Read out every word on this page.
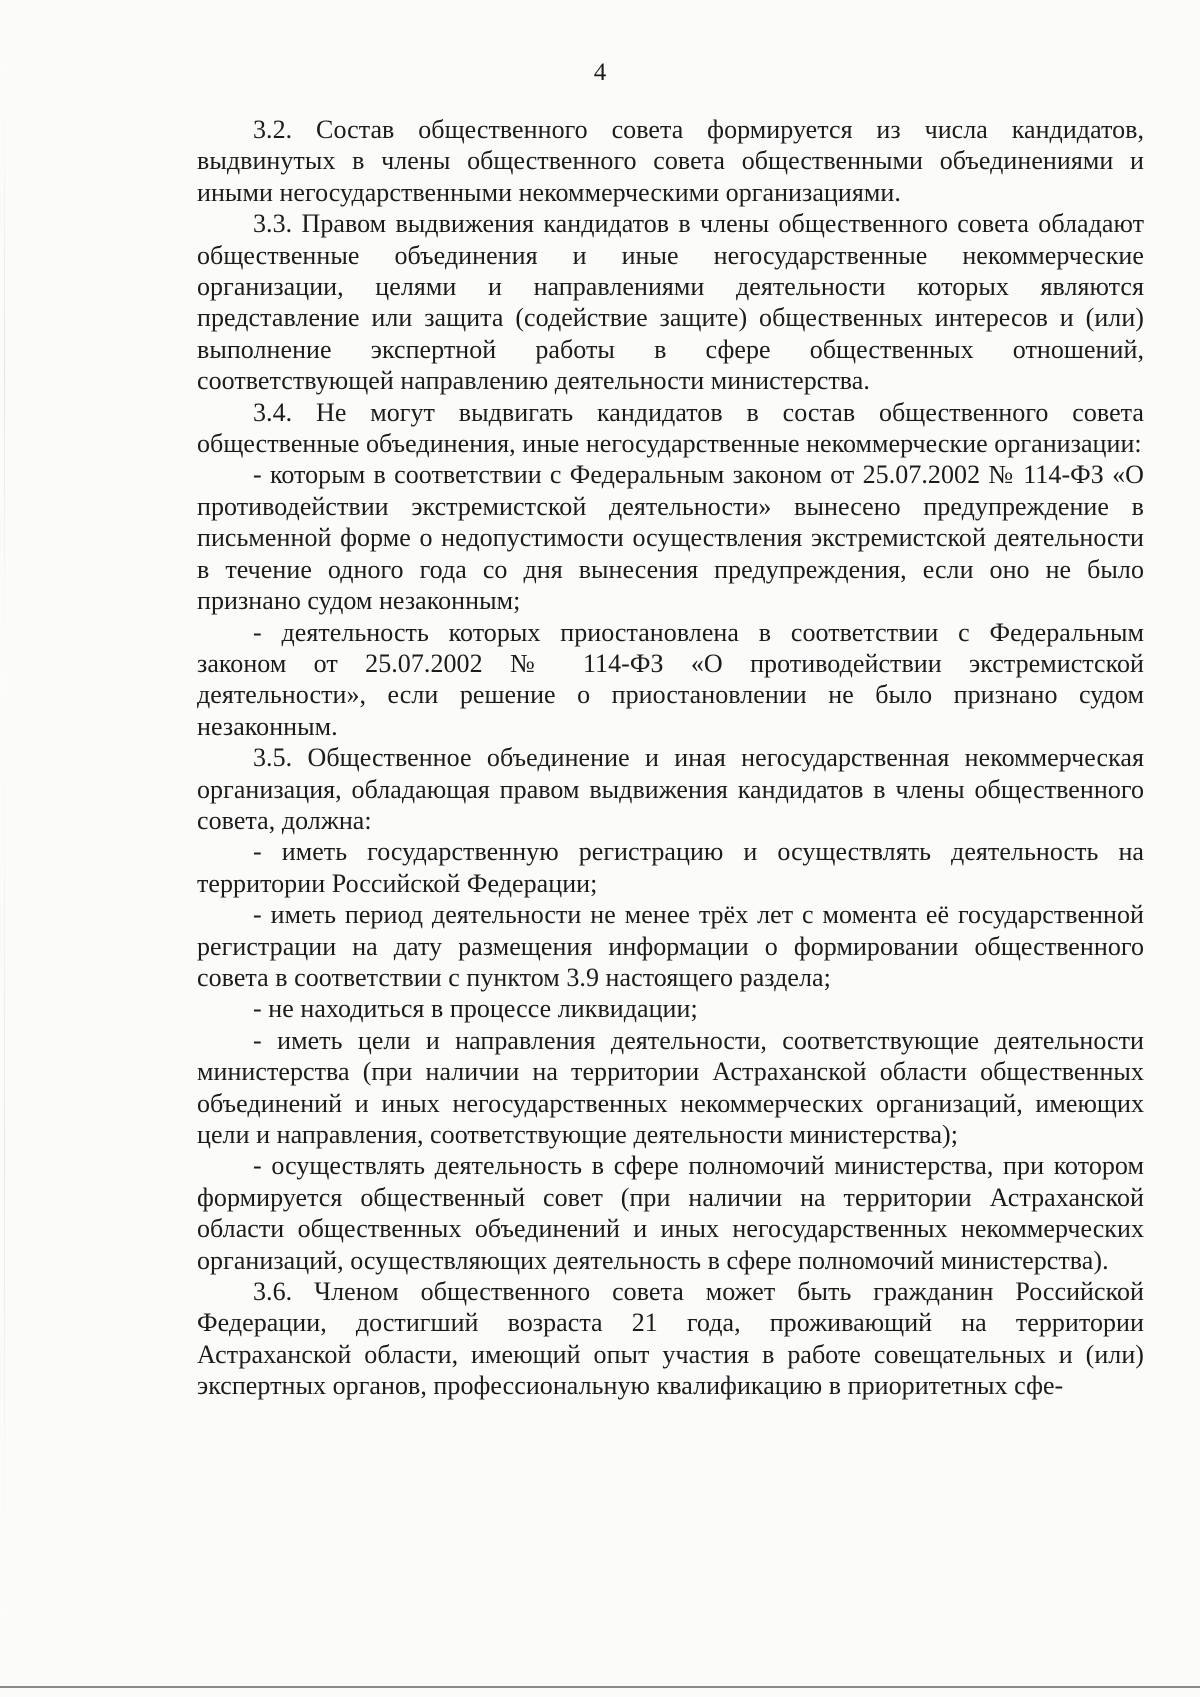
4

3.2. Состав общественного совета формируется из числа кандидатов, выдвинутых в члены общественного совета общественными объединениями и иными негосударственными некоммерческими организациями.

3.3. Правом выдвижения кандидатов в члены общественного совета обладают общественные объединения и иные негосударственные некоммерческие организации, целями и направлениями деятельности которых являются представление или защита (содействие защите) общественных интересов и (или) выполнение экспертной работы в сфере общественных отношений, соответствующей направлению деятельности министерства.

3.4. Не могут выдвигать кандидатов в состав общественного совета общественные объединения, иные негосударственные некоммерческие организации:

- которым в соответствии с Федеральным законом от 25.07.2002 № 114-ФЗ «О противодействии экстремистской деятельности» вынесено предупреждение в письменной форме о недопустимости осуществления экстремистской деятельности в течение одного года со дня вынесения предупреждения, если оно не было признано судом незаконным;

- деятельность которых приостановлена в соответствии с Федеральным законом от 25.07.2002 № 114-ФЗ «О противодействии экстремистской деятельности», если решение о приостановлении не было признано судом незаконным.

3.5. Общественное объединение и иная негосударственная некоммерческая организация, обладающая правом выдвижения кандидатов в члены общественного совета, должна:

- иметь государственную регистрацию и осуществлять деятельность на территории Российской Федерации;

- иметь период деятельности не менее трёх лет с момента её государственной регистрации на дату размещения информации о формировании общественного совета в соответствии с пунктом 3.9 настоящего раздела;

- не находиться в процессе ликвидации;

- иметь цели и направления деятельности, соответствующие деятельности министерства (при наличии на территории Астраханской области общественных объединений и иных негосударственных некоммерческих организаций, имеющих цели и направления, соответствующие деятельности министерства);

- осуществлять деятельность в сфере полномочий министерства, при котором формируется общественный совет (при наличии на территории Астраханской области общественных объединений и иных негосударственных некоммерческих организаций, осуществляющих деятельность в сфере полномочий министерства).

3.6. Членом общественного совета может быть гражданин Российской Федерации, достигший возраста 21 года, проживающий на территории Астраханской области, имеющий опыт участия в работе совещательных и (или) экспертных органов, профессиональную квалификацию в приоритетных сфе-
